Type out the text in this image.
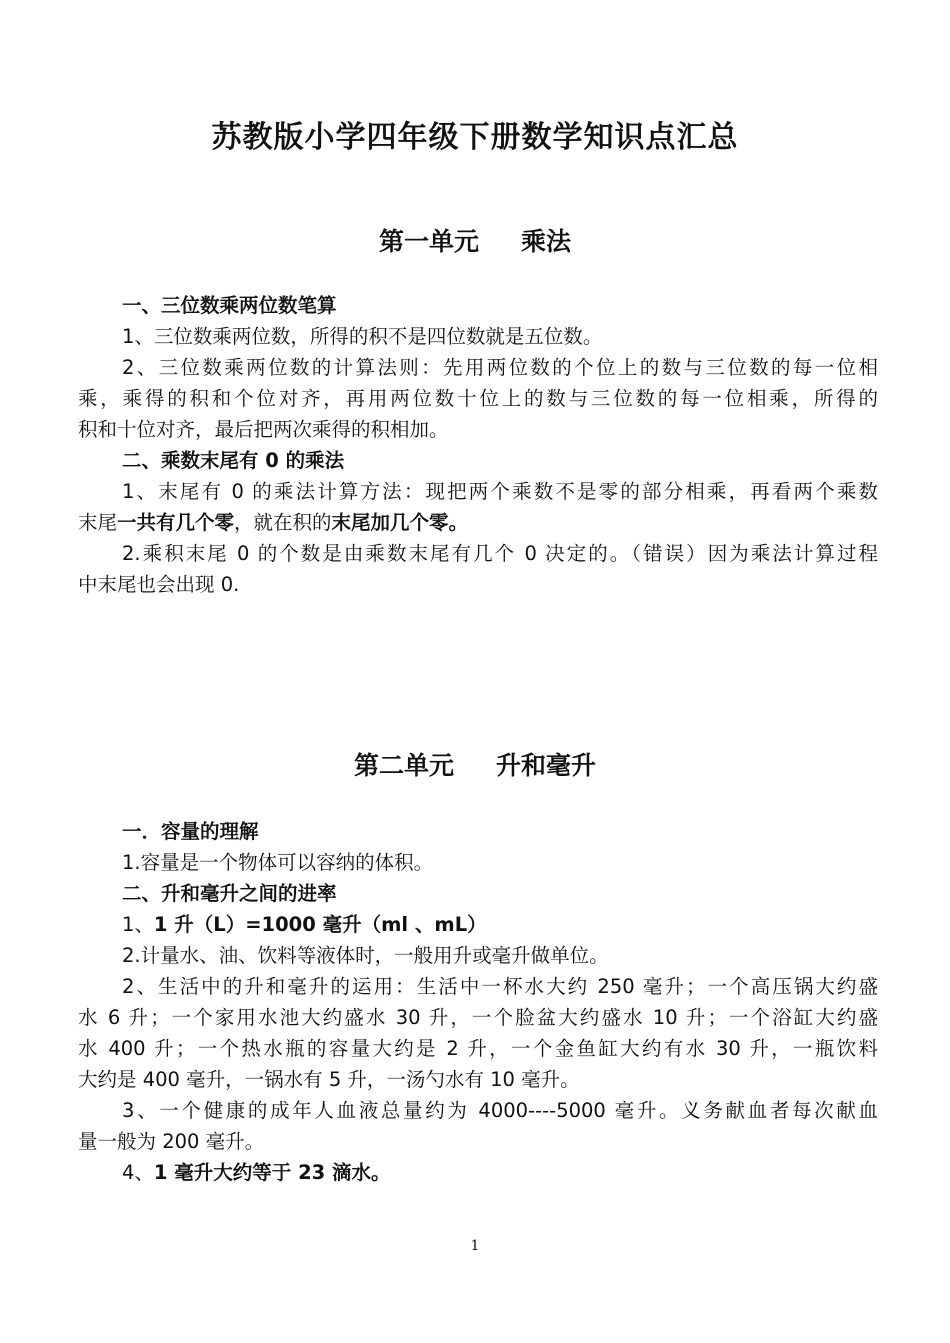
苏教版小学四年级下册数学知识点汇总
第一单元 乘法
一、三位数乘两位数笔算
1、三位数乘两位数，所得的积不是四位数就是五位数。
2、三位数乘两位数的计算法则：先用两位数的个位上的数与三位数的每一位相
乘，乘得的积和个位对齐，再用两位数十位上的数与三位数的每一位相乘，所得的
积和十位对齐，最后把两次乘得的积相加。
二、乘数末尾有 0 的乘法
1、末尾有 0 的乘法计算方法：现把两个乘数不是零的部分相乘，再看两个乘数
末尾一共有几个零，就在积的末尾加几个零。
2.乘积末尾 0 的个数是由乘数末尾有几个 0 决定的。（错误）因为乘法计算过程
中末尾也会出现 0.
第二单元 升和毫升
一．容量的理解
1.容量是一个物体可以容纳的体积。
二、升和毫升之间的进率
1、1 升（L）=1000 毫升（ml 、mL）
2.计量水、油、饮料等液体时，一般用升或毫升做单位。
2、生活中的升和毫升的运用：生活中一杯水大约 250 毫升；一个高压锅大约盛
水 6 升；一个家用水池大约盛水 30 升，一个脸盆大约盛水 10 升；一个浴缸大约盛
水 400 升；一个热水瓶的容量大约是 2 升，一个金鱼缸大约有水 30 升，一瓶饮料
大约是 400 毫升，一锅水有 5 升，一汤勺水有 10 毫升。
3、一个健康的成年人血液总量约为 4000----5000 毫升。义务献血者每次献血
量一般为 200 毫升。
4、1 毫升大约等于 23 滴水。
1
